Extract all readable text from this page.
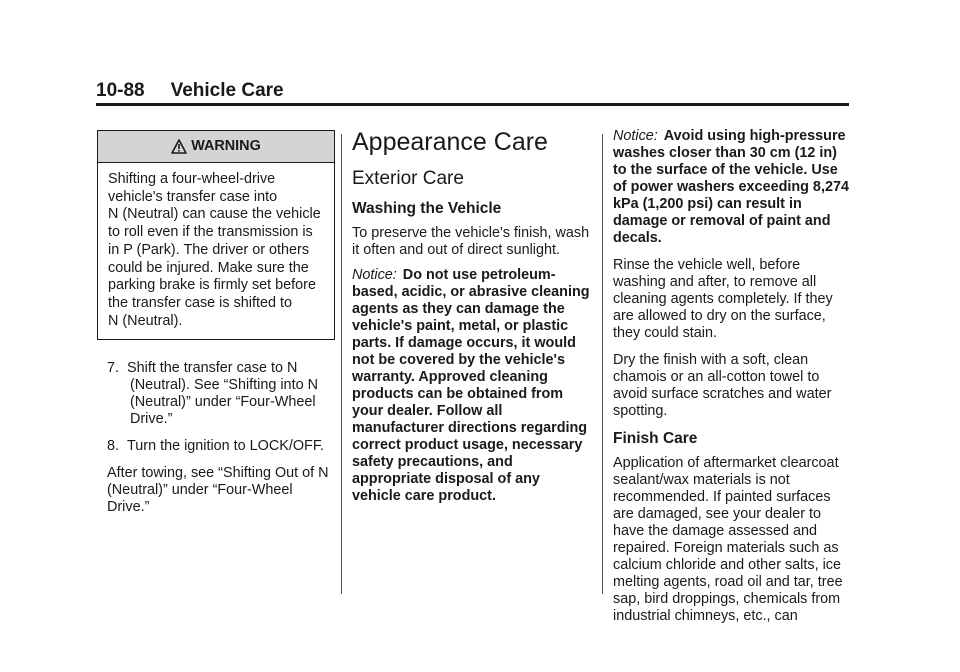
10-88 Vehicle Care
WARNING
Shifting a four-wheel-drive
vehicle's transfer case into
N (Neutral) can cause the vehicle
to roll even if the transmission is
in P (Park). The driver or others
could be injured. Make sure the
parking brake is firmly set before
the transfer case is shifted to
N (Neutral).
7. Shift the transfer case to N (Neutral). See “Shifting into N (Neutral)” under “Four-Wheel Drive.”
8. Turn the ignition to LOCK/OFF.

After towing, see “Shifting Out of N (Neutral)” under “Four-Wheel Drive.”

Appearance Care
Exterior Care
Washing the Vehicle

To preserve the vehicle's finish, wash it often and out of direct sunlight.

Notice: Do not use petroleum-based, acidic, or abrasive cleaning agents as they can damage the vehicle's paint, metal, or plastic parts. If damage occurs, it would not be covered by the vehicle's warranty. Approved cleaning products can be obtained from your dealer. Follow all manufacturer directions regarding correct product usage, necessary safety precautions, and appropriate disposal of any vehicle care product.

Notice: Avoid using high-pressure washes closer than 30 cm (12 in) to the surface of the vehicle. Use of power washers exceeding 8,274 kPa (1,200 psi) can result in damage or removal of paint and decals.

Rinse the vehicle well, before washing and after, to remove all cleaning agents completely. If they are allowed to dry on the surface, they could stain.

Dry the finish with a soft, clean chamois or an all-cotton towel to avoid surface scratches and water spotting.

Finish Care

Application of aftermarket clearcoat sealant/wax materials is not recommended. If painted surfaces are damaged, see your dealer to have the damage assessed and repaired. Foreign materials such as calcium chloride and other salts, ice melting agents, road oil and tar, tree sap, bird droppings, chemicals from industrial chimneys, etc., can
